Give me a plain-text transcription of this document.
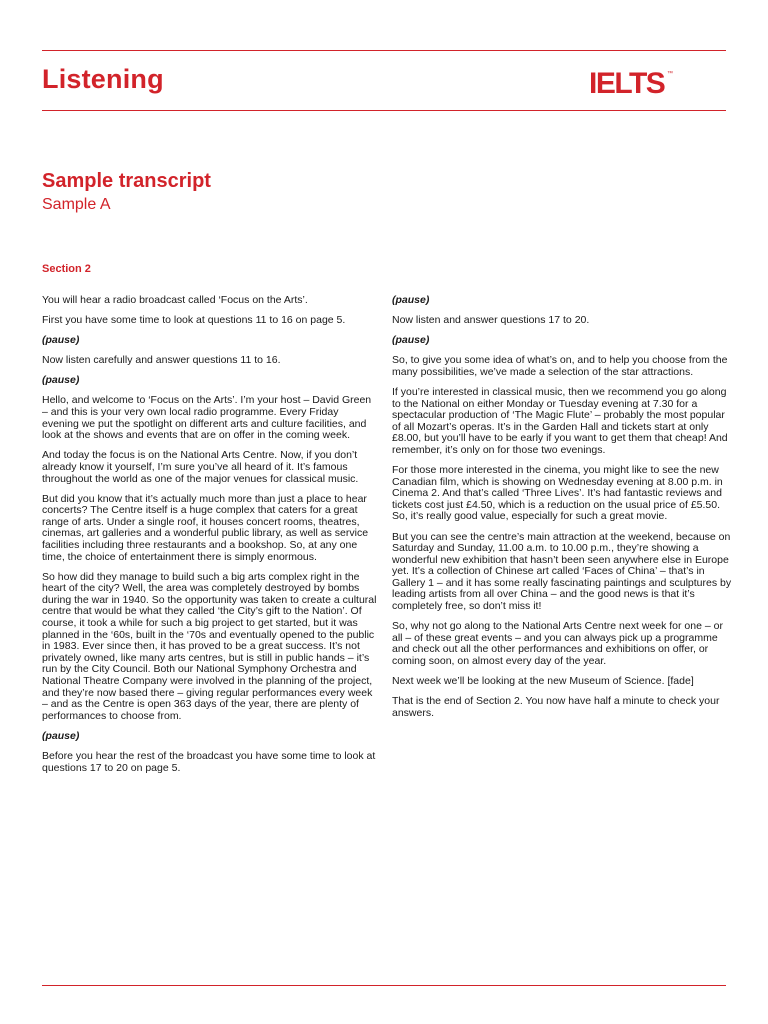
Listening	IELTS ™
Sample transcript
Sample A
Section 2

You will hear a radio broadcast called ‘Focus on the Arts’.

First you have some time to look at questions 11 to 16 on page 5.

(pause)

Now listen carefully and answer questions 11 to 16.

(pause)

Hello, and welcome to ‘Focus on the Arts’. I’m your host – David Green – and this is your very own local radio programme. Every Friday evening we put the spotlight on different arts and culture facilities, and look at the shows and events that are on offer in the coming week.

And today the focus is on the National Arts Centre. Now, if you don’t already know it yourself, I’m sure you’ve all heard of it. It’s famous throughout the world as one of the major venues for classical music.

But did you know that it’s actually much more than just a place to hear concerts? The Centre itself is a huge complex that caters for a great range of arts. Under a single roof, it houses concert rooms, theatres, cinemas, art galleries and a wonderful public library, as well as service facilities including three restaurants and a bookshop. So, at any one time, the choice of entertainment there is simply enormous.

So how did they manage to build such a big arts complex right in the heart of the city? Well, the area was completely destroyed by bombs during the war in 1940. So the opportunity was taken to create a cultural centre that would be what they called ‘the City’s gift to the Nation’. Of course, it took a while for such a big project to get started, but it was planned in the ‘60s, built in the ‘70s and eventually opened to the public in 1983. Ever since then, it has proved to be a great success. It’s not privately owned, like many arts centres, but is still in public hands – it’s run by the City Council. Both our National Symphony Orchestra and National Theatre Company were involved in the planning of the project, and they’re now based there – giving regular performances every week – and as the Centre is open 363 days of the year, there are plenty of performances to choose from.

(pause)

Before you hear the rest of the broadcast you have some time to look at questions 17 to 20 on page 5.

(pause)

Now listen and answer questions 17 to 20.

(pause)

So, to give you some idea of what’s on, and to help you choose from the many possibilities, we’ve made a selection of the star attractions.

If you’re interested in classical music, then we recommend you go along to the National on either Monday or Tuesday evening at 7.30 for a spectacular production of ‘The Magic Flute’ – probably the most popular of all Mozart’s operas. It’s in the Garden Hall and tickets start at only £8.00, but you’ll have to be early if you want to get them that cheap! And remember, it’s only on for those two evenings.

For those more interested in the cinema, you might like to see the new Canadian film, which is showing on Wednesday evening at 8.00 p.m. in Cinema 2. And that’s called ‘Three Lives’. It’s had fantastic reviews and tickets cost just £4.50, which is a reduction on the usual price of £5.50. So, it’s really good value, especially for such a great movie.

But you can see the centre’s main attraction at the weekend, because on Saturday and Sunday, 11.00 a.m. to 10.00 p.m., they’re showing a wonderful new exhibition that hasn’t been seen anywhere else in Europe yet. It’s a collection of Chinese art called ‘Faces of China’ – that’s in Gallery 1 – and it has some really fascinating paintings and sculptures by leading artists from all over China – and the good news is that it’s completely free, so don’t miss it!

So, why not go along to the National Arts Centre next week for one – or all – of these great events – and you can always pick up a programme and check out all the other performances and exhibitions on offer, or coming soon, on almost every day of the year.

Next week we’ll be looking at the new Museum of Science. [fade]

That is the end of Section 2. You now have half a minute to check your answers.
